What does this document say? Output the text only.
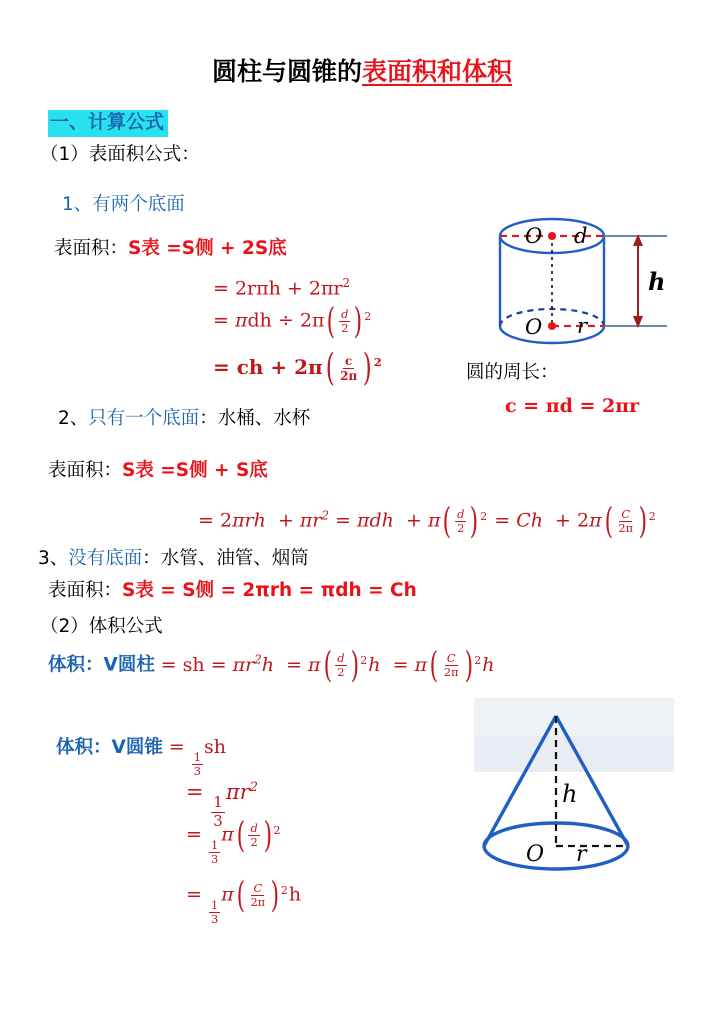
圆柱与圆锥的表面积和体积
一、计算公式
（1）表面积公式：
1、有两个底面
表面积：S表 =S侧 + 2S底
= $2r\pi h + 2\pi r^2$
= πdh ÷ 2π ( $\frac{d}{2}$ ) 2
= ch + 2π ( $\frac{c}{2\pi}$ ) 2
O d
O r
h
圆的周长：
c = πd = 2πr
2、只有一个底面：水桶、水杯
表面积：S表 =S侧 + S底
= $2\pi rh + \pi r^2 = \pi dh + \pi$ ( $\frac{d}{2}$ ) 2 = Ch  + 2π ( $\frac{C}{2\pi}$ ) 2
3、没有底面：水管、油管、烟筒
表面积：S表 = S侧 = 2πrh = πdh = Ch
（2）体积公式
体积：V圆柱 = sh = $\pi r^2h = \pi$ ( $\frac{d}{2}$ ) 2 h  = π ( $\frac{C}{2\pi}$ ) 2 h
体积：V圆锥 =
$\frac{1}{3}$
sh
=
$\frac{1}{3}$
$\pi r^2$
=
$\frac{1}{3}$
π ( $\frac{d}{2}$ ) 2
=
$\frac{1}{3}$
π ( $\frac{C}{2\pi}$ ) 2 h
h
O r
